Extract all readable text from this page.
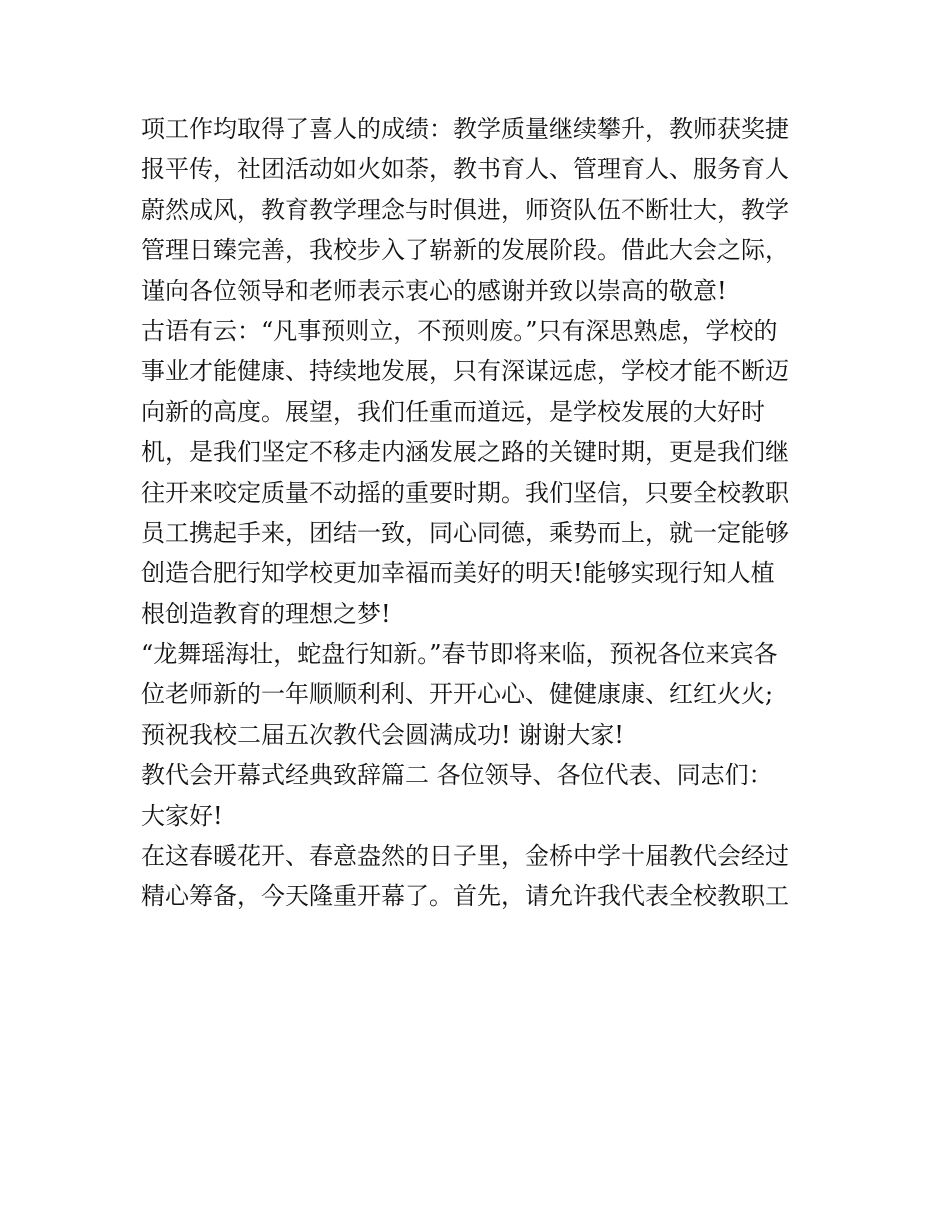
项工作均取得了喜人的成绩：教学质量继续攀升，教师获奖捷
报平传，社团活动如火如荼，教书育人、管理育人、服务育人
蔚然成风，教育教学理念与时俱进，师资队伍不断壮大，教学
管理日臻完善，我校步入了崭新的发展阶段。借此大会之际，
谨向各位领导和老师表示衷心的感谢并致以崇高的敬意!
古语有云：“凡事预则立，不预则废。”只有深思熟虑，学校的
事业才能健康、持续地发展，只有深谋远虑，学校才能不断迈
向新的高度。展望，我们任重而道远，是学校发展的大好时
机，是我们坚定不移走内涵发展之路的关键时期，更是我们继
往开来咬定质量不动摇的重要时期。我们坚信，只要全校教职
员工携起手来，团结一致，同心同德，乘势而上，就一定能够
创造合肥行知学校更加幸福而美好的明天!能够实现行知人植
根创造教育的理想之梦!
“龙舞瑶海壮，蛇盘行知新。”春节即将来临，预祝各位来宾各
位老师新的一年顺顺利利、开开心心、健健康康、红红火火;
预祝我校二届五次教代会圆满成功! 谢谢大家!
教代会开幕式经典致辞篇二 各位领导、各位代表、同志们：
大家好!
在这春暖花开、春意盎然的日子里，金桥中学十届教代会经过
精心筹备，今天隆重开幕了。首先，请允许我代表全校教职工
